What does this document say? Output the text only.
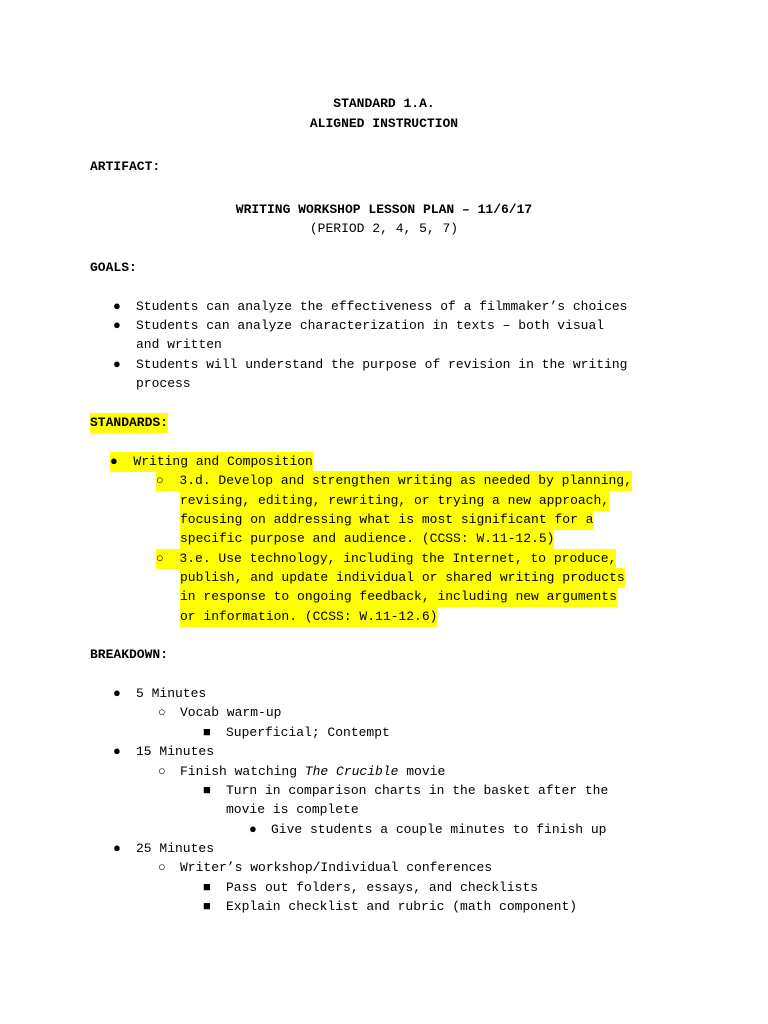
STANDARD 1.A.
ALIGNED INSTRUCTION
ARTIFACT:
WRITING WORKSHOP LESSON PLAN – 11/6/17
(PERIOD 2, 4, 5, 7)
GOALS:
● Students can analyze the effectiveness of a filmmaker’s choices
● Students can analyze characterization in texts – both visual
and written
● Students will understand the purpose of revision in the writing
process
STANDARDS:
● Writing and Composition
○ 3.d. Develop and strengthen writing as needed by planning,
revising, editing, rewriting, or trying a new approach,
focusing on addressing what is most significant for a
specific purpose and audience. (CCSS: W.11-12.5)
○ 3.e. Use technology, including the Internet, to produce,
publish, and update individual or shared writing products
in response to ongoing feedback, including new arguments
or information. (CCSS: W.11-12.6)
BREAKDOWN:
● 5 Minutes
○ Vocab warm-up
■ Superficial; Contempt
● 15 Minutes
○ Finish watching The Crucible movie
■ Turn in comparison charts in the basket after the
movie is complete
● Give students a couple minutes to finish up
● 25 Minutes
○ Writer’s workshop/Individual conferences
■ Pass out folders, essays, and checklists
■ Explain checklist and rubric (math component)
